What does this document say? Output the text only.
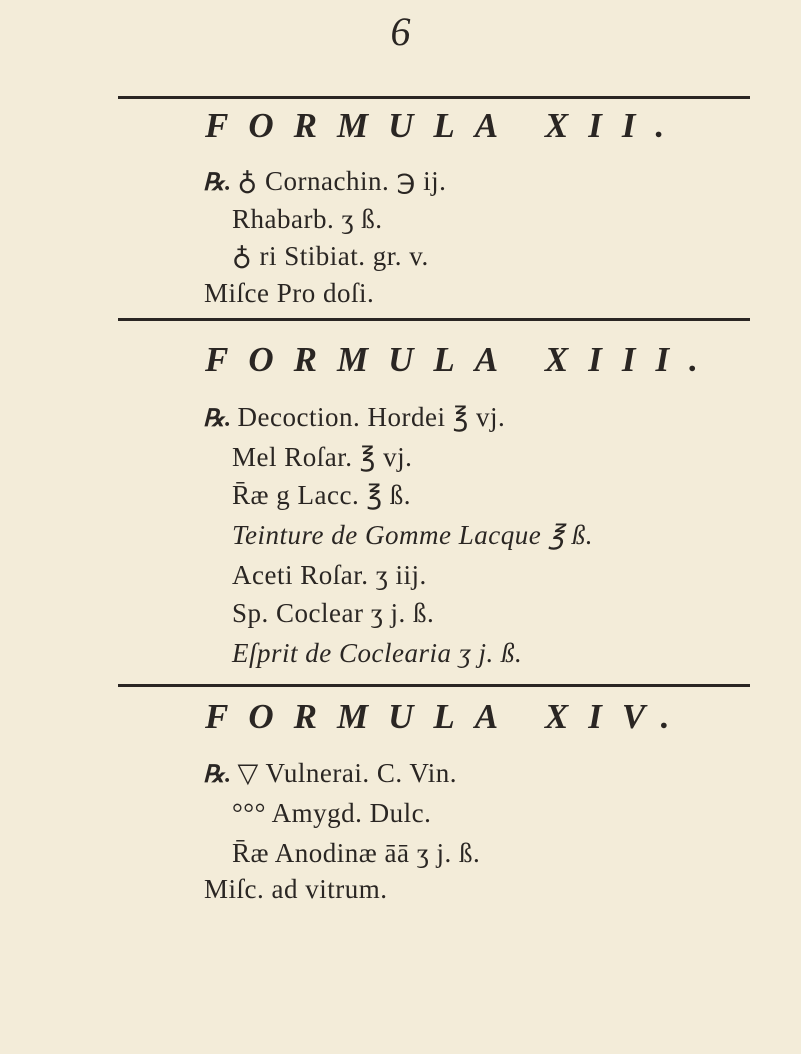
6
FORMULA XII.
℞. ♁ Cornachin. ℈ ij.
Rhabarb. ʒ ß.
♁ ri Stibiat. gr. v.
Miſce Pro doſi.
FORMULA XIII.
℞. Decoction. Hordei ℥ vj.
Mel Roſar. ℥ vj.
R̄æ g Lacc. ℥ ß.
Teinture de Gomme Lacque ℥ ß.
Aceti Roſar. ʒ iij.
Sp. Coclear ʒ j. ß.
Eſprit de Coclearia ʒ j. ß.
FORMULA XIV.
℞. ▽ Vulnerai. C. Vin.
°°° Amygd. Dulc.
R̄æ Anodinæ āā ʒ j. ß.
Miſc. ad vitrum.
